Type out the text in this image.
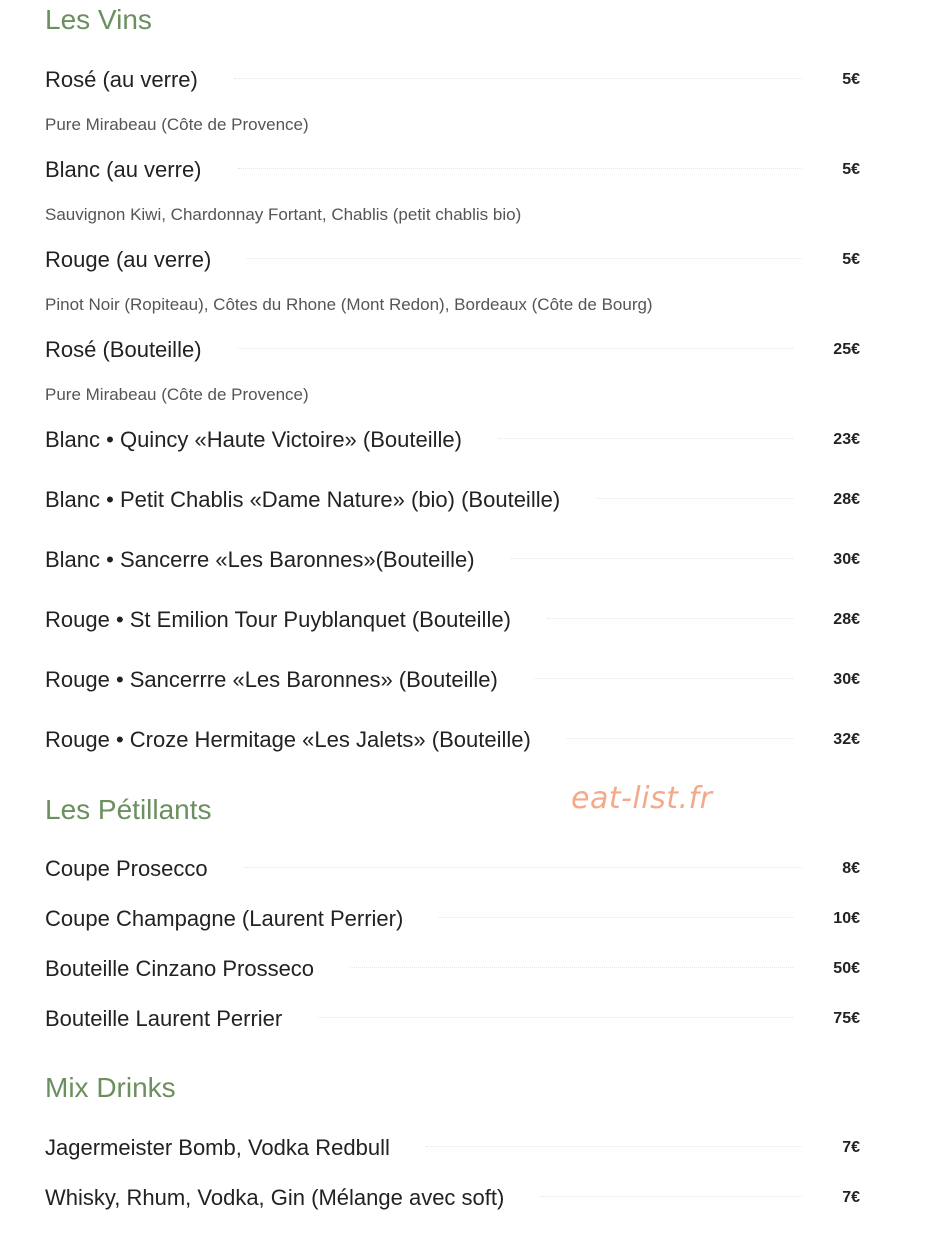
Les Vins
Rosé (au verre)	5€
Pure Mirabeau (Côte de Provence)
Blanc (au verre)	5€
Sauvignon Kiwi, Chardonnay Fortant, Chablis (petit chablis bio)
Rouge (au verre)	5€
Pinot Noir (Ropiteau), Côtes du Rhone (Mont Redon), Bordeaux (Côte de Bourg)
Rosé (Bouteille)	25€
Pure Mirabeau (Côte de Provence)
Blanc • Quincy «Haute Victoire» (Bouteille)	23€
Blanc • Petit Chablis «Dame Nature» (bio) (Bouteille)	28€
Blanc • Sancerre «Les Baronnes»(Bouteille)	30€
Rouge • St Emilion Tour Puyblanquet (Bouteille)	28€
Rouge • Sancerrre «Les Baronnes» (Bouteille)	30€
Rouge • Croze Hermitage «Les Jalets» (Bouteille)	32€
Les Pétillants	eat-list.fr
Coupe Prosecco	8€
Coupe Champagne (Laurent Perrier)	10€
Bouteille Cinzano Prosseco	50€
Bouteille Laurent Perrier	75€
Mix Drinks
Jagermeister Bomb, Vodka Redbull	7€
Whisky, Rhum, Vodka, Gin (Mélange avec soft)	7€
